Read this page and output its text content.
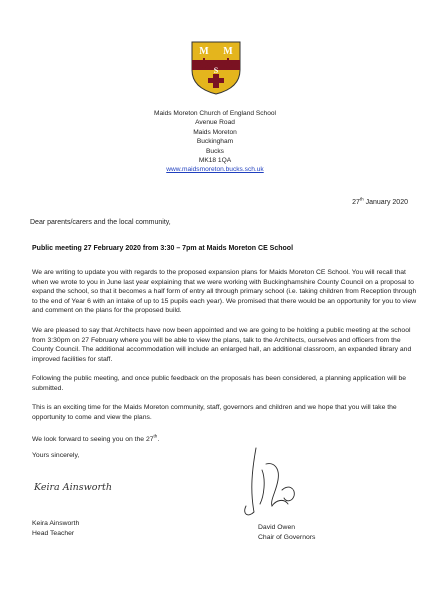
M M
S
Maids Moreton Church of England School
Avenue Road
Maids Moreton
Buckingham
Bucks
MK18 1QA
www.maidsmoreton.bucks.sch.uk
27th January 2020
Dear parents/carers and the local community,
Public meeting 27 February 2020 from 3:30 – 7pm at Maids Moreton CE School

We are writing to update you with regards to the proposed expansion plans for Maids Moreton CE School. You will recall that when we wrote to you in June last year explaining that we were working with Buckinghamshire County Council on a proposal to expand the school, so that it becomes a half form of entry all through primary school (i.e. taking children from Reception through to the end of Year 6 with an intake of up to 15 pupils each year). We promised that there would be an opportunity for you to view and comment on the plans for the proposed build.

We are pleased to say that Architects have now been appointed and we are going to be holding a public meeting at the school from 3:30pm on 27 February where you will be able to view the plans, talk to the Architects, ourselves and officers from the County Council. The additional accommodation will include an enlarged hall, an additional classroom, an expanded library and improved facilities for staff.

Following the public meeting, and once public feedback on the proposals has been considered, a planning application will be submitted.

This is an exciting time for the Maids Moreton community, staff, governors and children and we hope that you will take the opportunity to come and view the plans.

We look forward to seeing you on the 27th.
Yours sincerely,
Keira Ainsworth
Keira Ainsworth
Head Teacher
David Owen
Chair of Governors
